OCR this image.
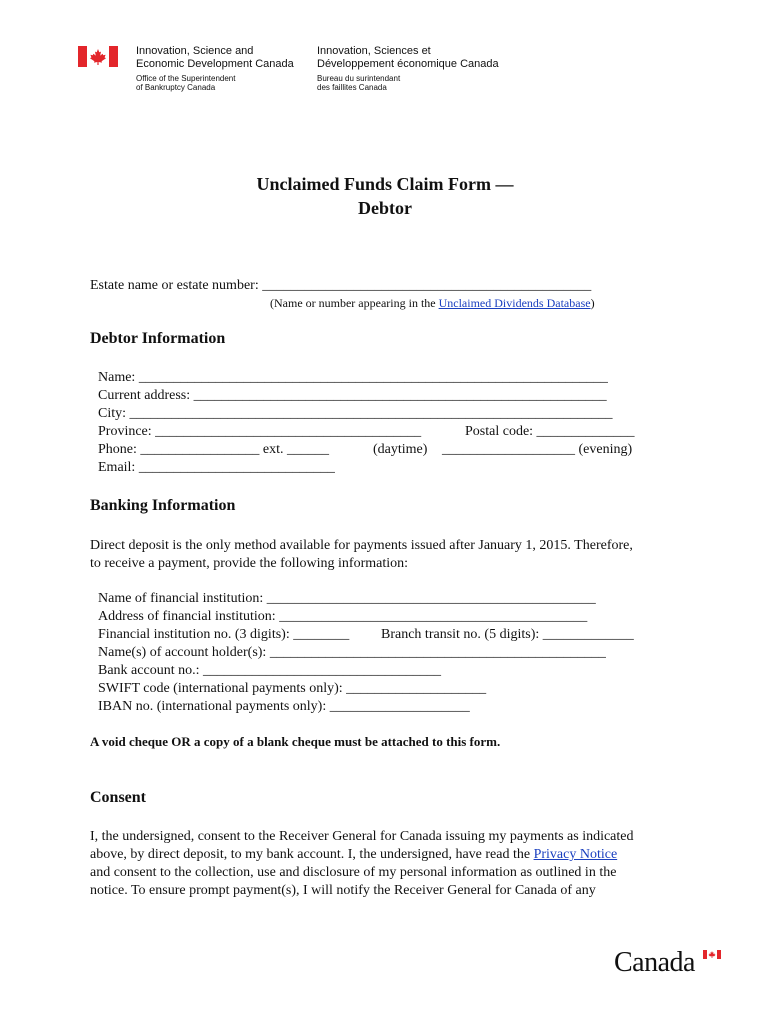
Innovation, Science and
Economic Development Canada
Office of the Superintendent
of Bankruptcy Canada
Innovation, Sciences et
Développement économique Canada
Bureau du surintendant
des faillites Canada
Unclaimed Funds Claim Form —
Debtor
Estate name or estate number: _______________________________________________
(Name or number appearing in the Unclaimed Dividends Database)
Debtor Information
Name: ___________________________________________________________________
Current address: ___________________________________________________________
City: _____________________________________________________________________
Province: ______________________________________	Postal code: ______________
Phone: _________________ ext. ______	(daytime) ___________________ (evening)
Email: ____________________________
Banking Information
Direct deposit is the only method available for payments issued after January 1, 2015. Therefore,
to receive a payment, provide the following information:
Name of financial institution: _______________________________________________
Address of financial institution: ____________________________________________
Financial institution no. (3 digits): ________ Branch transit no. (5 digits): _____________
Name(s) of account holder(s): ________________________________________________
Bank account no.: __________________________________
SWIFT code (international payments only): ____________________
IBAN no. (international payments only): ____________________
A void cheque OR a copy of a blank cheque must be attached to this form.
Consent
I, the undersigned, consent to the Receiver General for Canada issuing my payments as indicated
above, by direct deposit, to my bank account. I, the undersigned, have read the Privacy Notice
and consent to the collection, use and disclosure of my personal information as outlined in the
notice. To ensure prompt payment(s), I will notify the Receiver General for Canada of any
Canada
